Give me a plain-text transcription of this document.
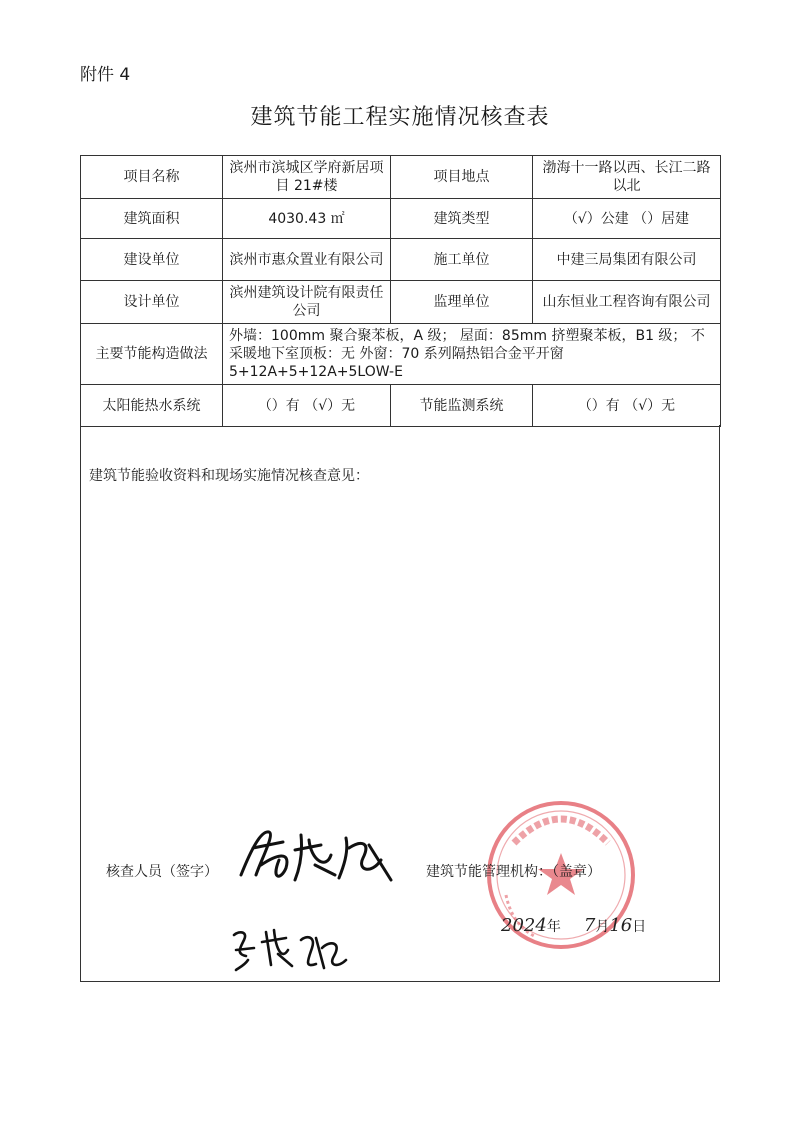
附件 4
建筑节能工程实施情况核查表
项目名称	滨州市滨城区学府新居项目 21#楼	项目地点	渤海十一路以西、长江二路以北
建筑面积	4030.43 ㎡	建筑类型	（√）公建 （）居建
建设单位	滨州市惠众置业有限公司	施工单位	中建三局集团有限公司
设计单位	滨州建筑设计院有限责任公司	监理单位	山东恒业工程咨询有限公司
主要节能构造做法	外墙：100mm 聚合聚苯板，A 级； 屋面：85mm 挤塑聚苯板，B1 级； 不采暖地下室顶板：无 外窗：70 系列隔热铝合金平开窗 5+12A+5+12A+5LOW-E		
太阳能热水系统	（）有 （√）无	节能监测系统	（）有 （√）无
建筑节能验收资料和现场实施情况核查意见：
核查人员（签字）	建筑节能管理机构：（盖章）
2024年 7月16日
